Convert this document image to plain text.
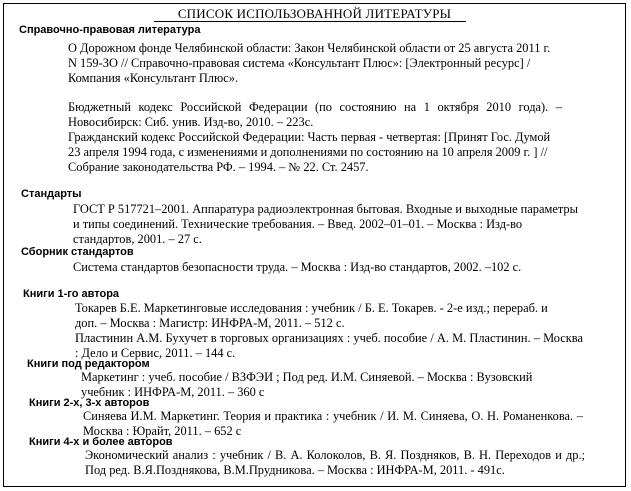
СПИСОК ИСПОЛЬЗОВАННОЙ ЛИТЕРАТУРЫ
Справочно-правовая литература

О Дорожном фонде Челябинской области: Закон Челябинской области от 25 августа 2011 г. N 159-ЗО // Справочно-правовая система «Консультант Плюс»: [Электронный ресурс] / Компания «Консультант Плюс».

Бюджетный кодекс Российской Федерации (по состоянию на 1 октября 2010 года). – Новосибирск: Сиб. унив. Изд-во, 2010. – 223с.

Гражданский кодекс Российской Федерации: Часть первая - четвертая: [Принят Гос. Думой 23 апреля 1994 года, с изменениями и дополнениями по состоянию на 10 апреля 2009 г. ] // Собрание законодательства РФ. – 1994. – № 22. Ст. 2457.

Стандарты

ГОСТ Р 517721–2001. Аппаратура радиоэлектронная бытовая. Входные и выходные параметры и типы соединений. Технические требования. – Введ. 2002–01–01. – Москва : Изд-во стандартов, 2001. – 27 с.

Сборник стандартов

Система стандартов безопасности труда. – Москва : Изд-во стандартов, 2002. –102 с.

Книги 1-го автора

Токарев Б.Е. Маркетинговые исследования : учебник / Б. Е. Токарев. - 2-е изд.; перераб. и доп. – Москва : Магистр: ИНФРА-М, 2011. – 512 с.

Пластинин А.М. Бухучет в торговых организациях : учеб. пособие / А. М. Пластинин. – Москва : Дело и Сервис, 2011. – 144 с.

Книги под редактором

Маркетинг : учеб. пособие / ВЗФЭИ ; Под ред. И.М. Синяевой. – Москва : Вузовский учебник : ИНФРА-М, 2011. – 360 с

Книги 2-х, 3-х авторов

Синяева И.М. Маркетинг. Теория и практика : учебник / И. М. Синяева, О. Н. Романенкова. – Москва : Юрайт, 2011. – 652 с

Книги 4-х и более авторов

Экономический анализ : учебник / В. А. Колоколов, В. Я. Поздняков, В. Н. Переходов и др.; Под ред. В.Я.Позднякова, В.М.Прудникова. – Москва : ИНФРА-М, 2011. - 491с.
